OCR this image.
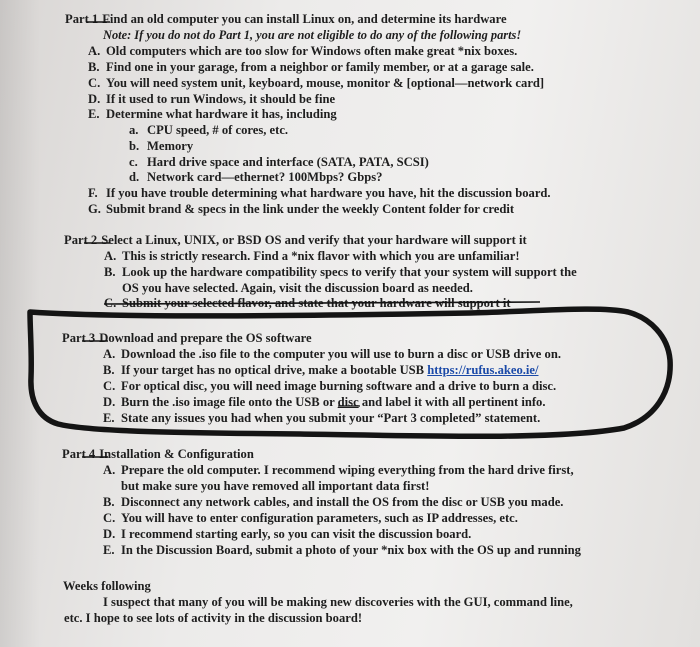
Part 1 Find an old computer you can install Linux on, and determine its hardware
Note: If you do not do Part 1, you are not eligible to do any of the following parts!
A. Old computers which are too slow for Windows often make great *nix boxes.
B. Find one in your garage, from a neighbor or family member, or at a garage sale.
C. You will need system unit, keyboard, mouse, monitor & [optional—network card]
D. If it used to run Windows, it should be fine
E. Determine what hardware it has, including
a. CPU speed, # of cores, etc.
b. Memory
c. Hard drive space and interface (SATA, PATA, SCSI)
d. Network card—ethernet? 100Mbps? Gbps?
F. If you have trouble determining what hardware you have, hit the discussion board.
G. Submit brand & specs in the link under the weekly Content folder for credit
Part 2 Select a Linux, UNIX, or BSD OS and verify that your hardware will support it
A. This is strictly research. Find a *nix flavor with which you are unfamiliar!
B. Look up the hardware compatibility specs to verify that your system will support the
OS you have selected. Again, visit the discussion board as needed.
C. Submit your selected flavor, and state that your hardware will support it
Part 3 Download and prepare the OS software
A. Download the .iso file to the computer you will use to burn a disc or USB drive on.
B. If your target has no optical drive, make a bootable USB https://rufus.akeo.ie/
C. For optical disc, you will need image burning software and a drive to burn a disc.
D. Burn the .iso image file onto the USB or disc and label it with all pertinent info.
E. State any issues you had when you submit your “Part 3 completed” statement.
Part 4 Installation & Configuration
A. Prepare the old computer. I recommend wiping everything from the hard drive first,
but make sure you have removed all important data first!
B. Disconnect any network cables, and install the OS from the disc or USB you made.
C. You will have to enter configuration parameters, such as IP addresses, etc.
D. I recommend starting early, so you can visit the discussion board.
E. In the Discussion Board, submit a photo of your *nix box with the OS up and running
Weeks following
I suspect that many of you will be making new discoveries with the GUI, command line,
etc. I hope to see lots of activity in the discussion board!
